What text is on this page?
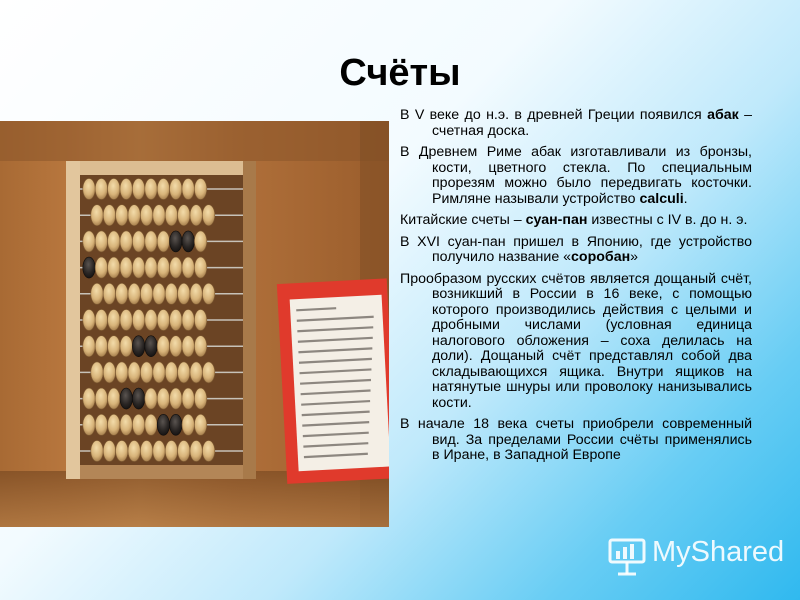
Счёты

В V веке до н.э. в древней Греции появился абак – счетная доска.

В Древнем Риме абак изготавливали из бронзы, кости, цветного стекла. По специальным прорезям можно было передвигать косточки. Римляне называли устройство calculi.

Китайские счеты – суан-пан известны с IV в. до н. э.

В XVI суан-пан пришел в Японию, где устройство получило название «соробан»

Прообразом русских счётов является дощаный счёт, возникший в России в 16 веке, с помощью которого производились действия с целыми и дробными числами (условная единица налогового обложения – соха делилась на доли). Дощаный счёт представлял собой два складывающихся ящика. Внутри ящиков на натянутые шнуры или проволоку нанизывались кости.

В начале 18 века счеты приобрели современный вид. За пределами России счёты применялись в Иране, в Западной Европе

MyShared
